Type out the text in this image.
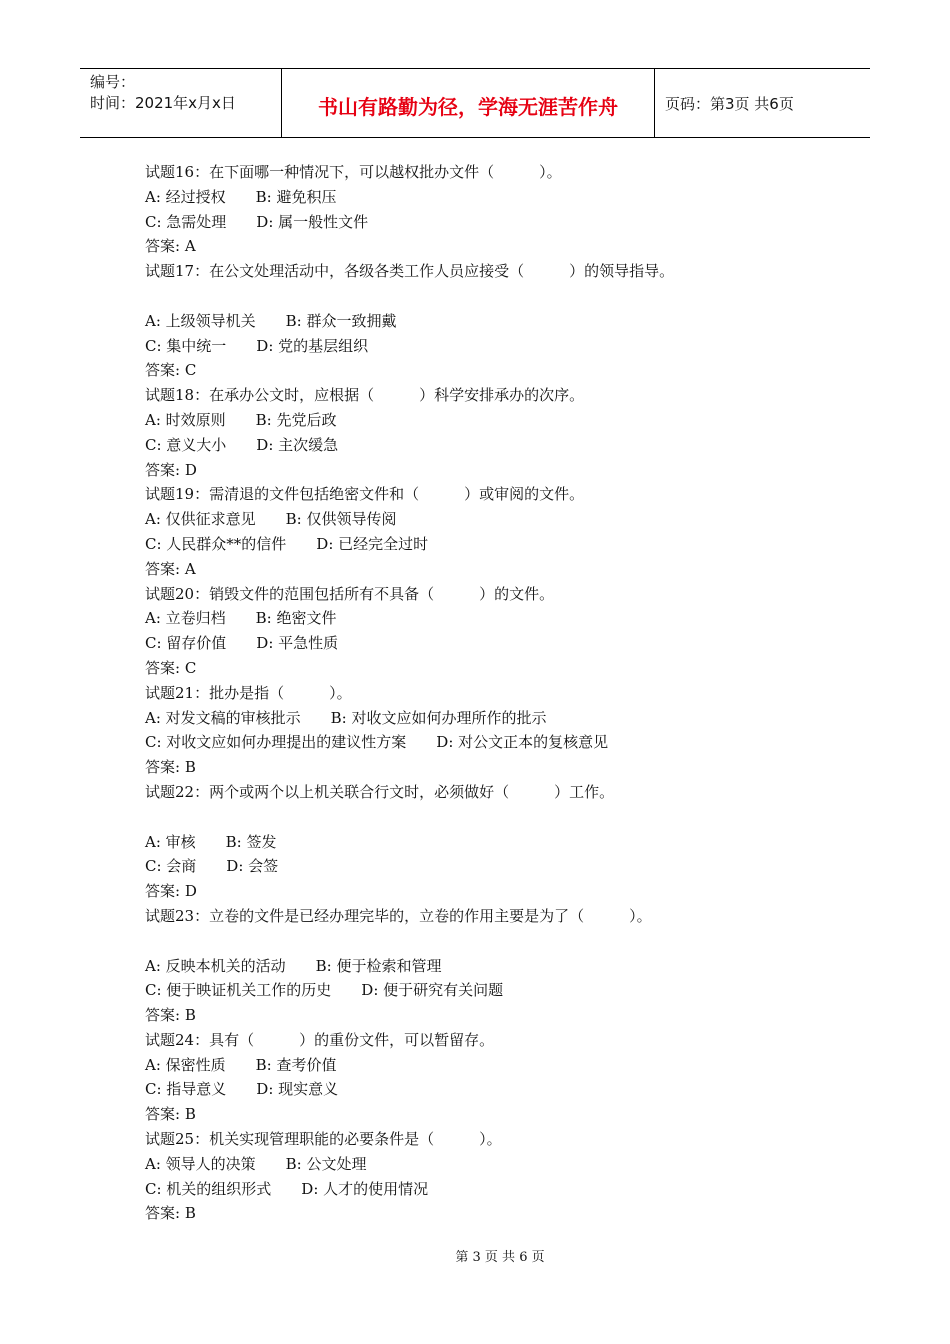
编号：
时间：2021年x月x日	书山有路勤为径，学海无涯苦作舟	页码：第3页 共6页
试题16：在下面哪一种情况下，可以越权批办文件（　　　）。
A: 经过授权　　B: 避免积压
C: 急需处理　　D: 属一般性文件
答案: A
试题17：在公文处理活动中，各级各类工作人员应接受（　　　）的领导指导。
A: 上级领导机关　　B: 群众一致拥戴
C: 集中统一　　D: 党的基层组织
答案: C
试题18：在承办公文时，应根据（　　　）科学安排承办的次序。
A: 时效原则　　B: 先党后政
C: 意义大小　　D: 主次缓急
答案: D
试题19：需清退的文件包括绝密文件和（　　　）或审阅的文件。
A: 仅供征求意见　　B: 仅供领导传阅
C: 人民群众**的信件　　D: 已经完全过时
答案: A
试题20：销毁文件的范围包括所有不具备（　　　）的文件。
A: 立卷归档　　B: 绝密文件
C: 留存价值　　D: 平急性质
答案: C
试题21：批办是指（　　　）。
A: 对发文稿的审核批示　　B: 对收文应如何办理所作的批示
C: 对收文应如何办理提出的建议性方案　　D: 对公文正本的复核意见
答案: B
试题22：两个或两个以上机关联合行文时，必须做好（　　　）工作。
A: 审核　　B: 签发
C: 会商　　D: 会签
答案: D
试题23：立卷的文件是已经办理完毕的，立卷的作用主要是为了（　　　）。
A: 反映本机关的活动　　B: 便于检索和管理
C: 便于映证机关工作的历史　　D: 便于研究有关问题
答案: B
试题24：具有（　　　）的重份文件，可以暂留存。
A: 保密性质　　B: 查考价值
C: 指导意义　　D: 现实意义
答案: B
试题25：机关实现管理职能的必要条件是（　　　）。
A: 领导人的决策　　B: 公文处理
C: 机关的组织形式　　D: 人才的使用情况
答案: B
第 3 页 共 6 页
